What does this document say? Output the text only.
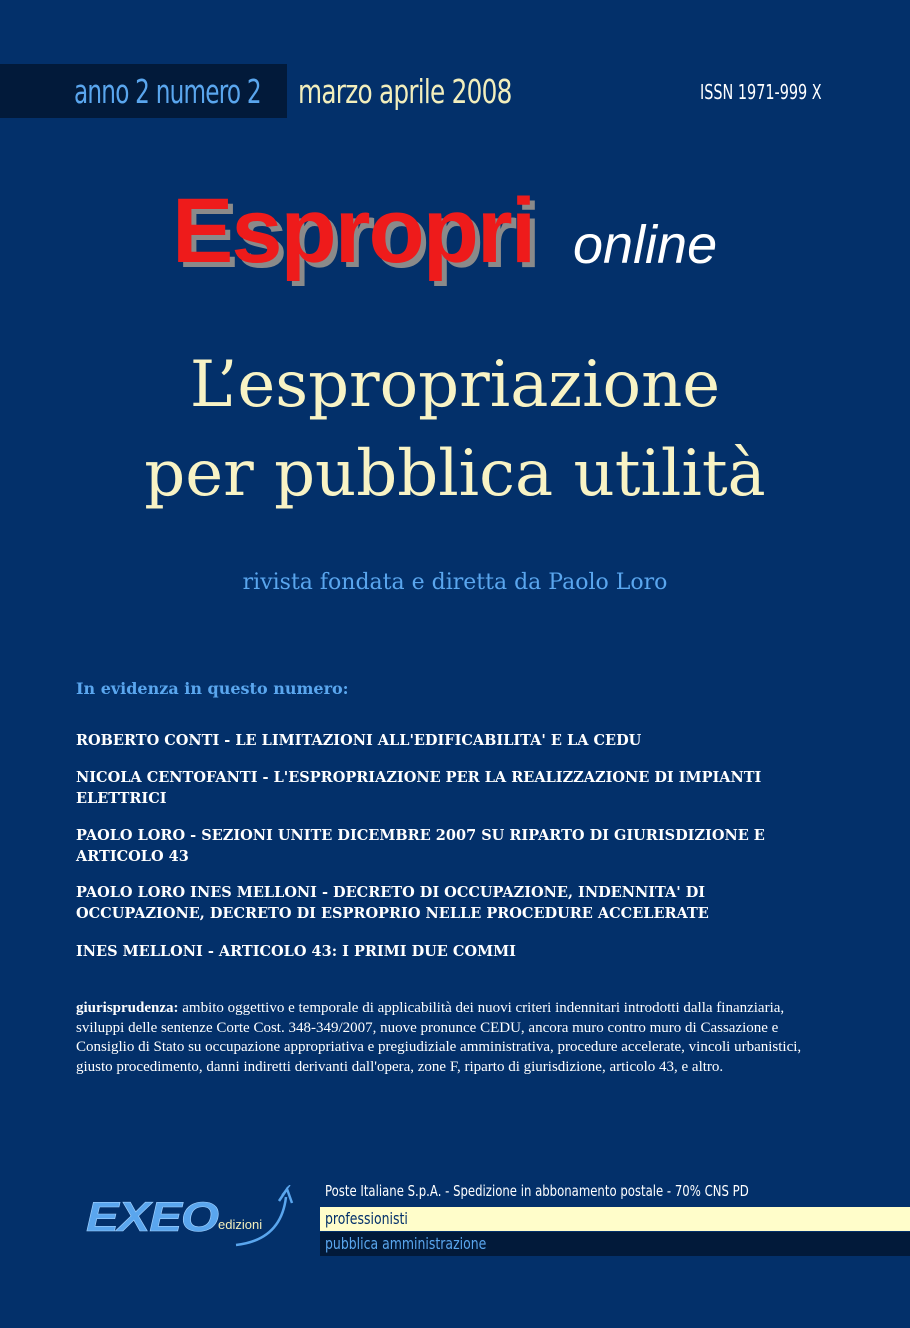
anno 2 numero 2 marzo aprile 2008	ISSN 1971-999 X
Espropri online
L’espropriazione
per pubblica utilità
rivista fondata e diretta da Paolo Loro
In evidenza in questo numero:
ROBERTO CONTI - LE LIMITAZIONI ALL'EDIFICABILITA' E LA CEDU
NICOLA CENTOFANTI - L'ESPROPRIAZIONE PER LA REALIZZAZIONE DI IMPIANTI ELETTRICI
PAOLO LORO - SEZIONI UNITE DICEMBRE 2007 SU RIPARTO DI GIURISDIZIONE E ARTICOLO 43
PAOLO LORO INES MELLONI - DECRETO DI OCCUPAZIONE, INDENNITA' DI OCCUPAZIONE, DECRETO DI ESPROPRIO NELLE PROCEDURE ACCELERATE
INES MELLONI - ARTICOLO 43: I PRIMI DUE COMMI
giurisprudenza: ambito oggettivo e temporale di applicabilità dei nuovi criteri indennitari introdotti dalla finanziaria, sviluppi delle sentenze Corte Cost. 348-349/2007, nuove pronunce CEDU, ancora muro contro muro di Cassazione e Consiglio di Stato su occupazione appropriativa e pregiudiziale amministrativa, procedure accelerate, vincoli urbanistici, giusto procedimento, danni indiretti derivanti dall'opera, zone F, riparto di giurisdizione, articolo 43, e altro.
EXEO edizioni
Poste Italiane S.p.A. - Spedizione in abbonamento postale - 70% CNS PD
professionisti
pubblica amministrazione
